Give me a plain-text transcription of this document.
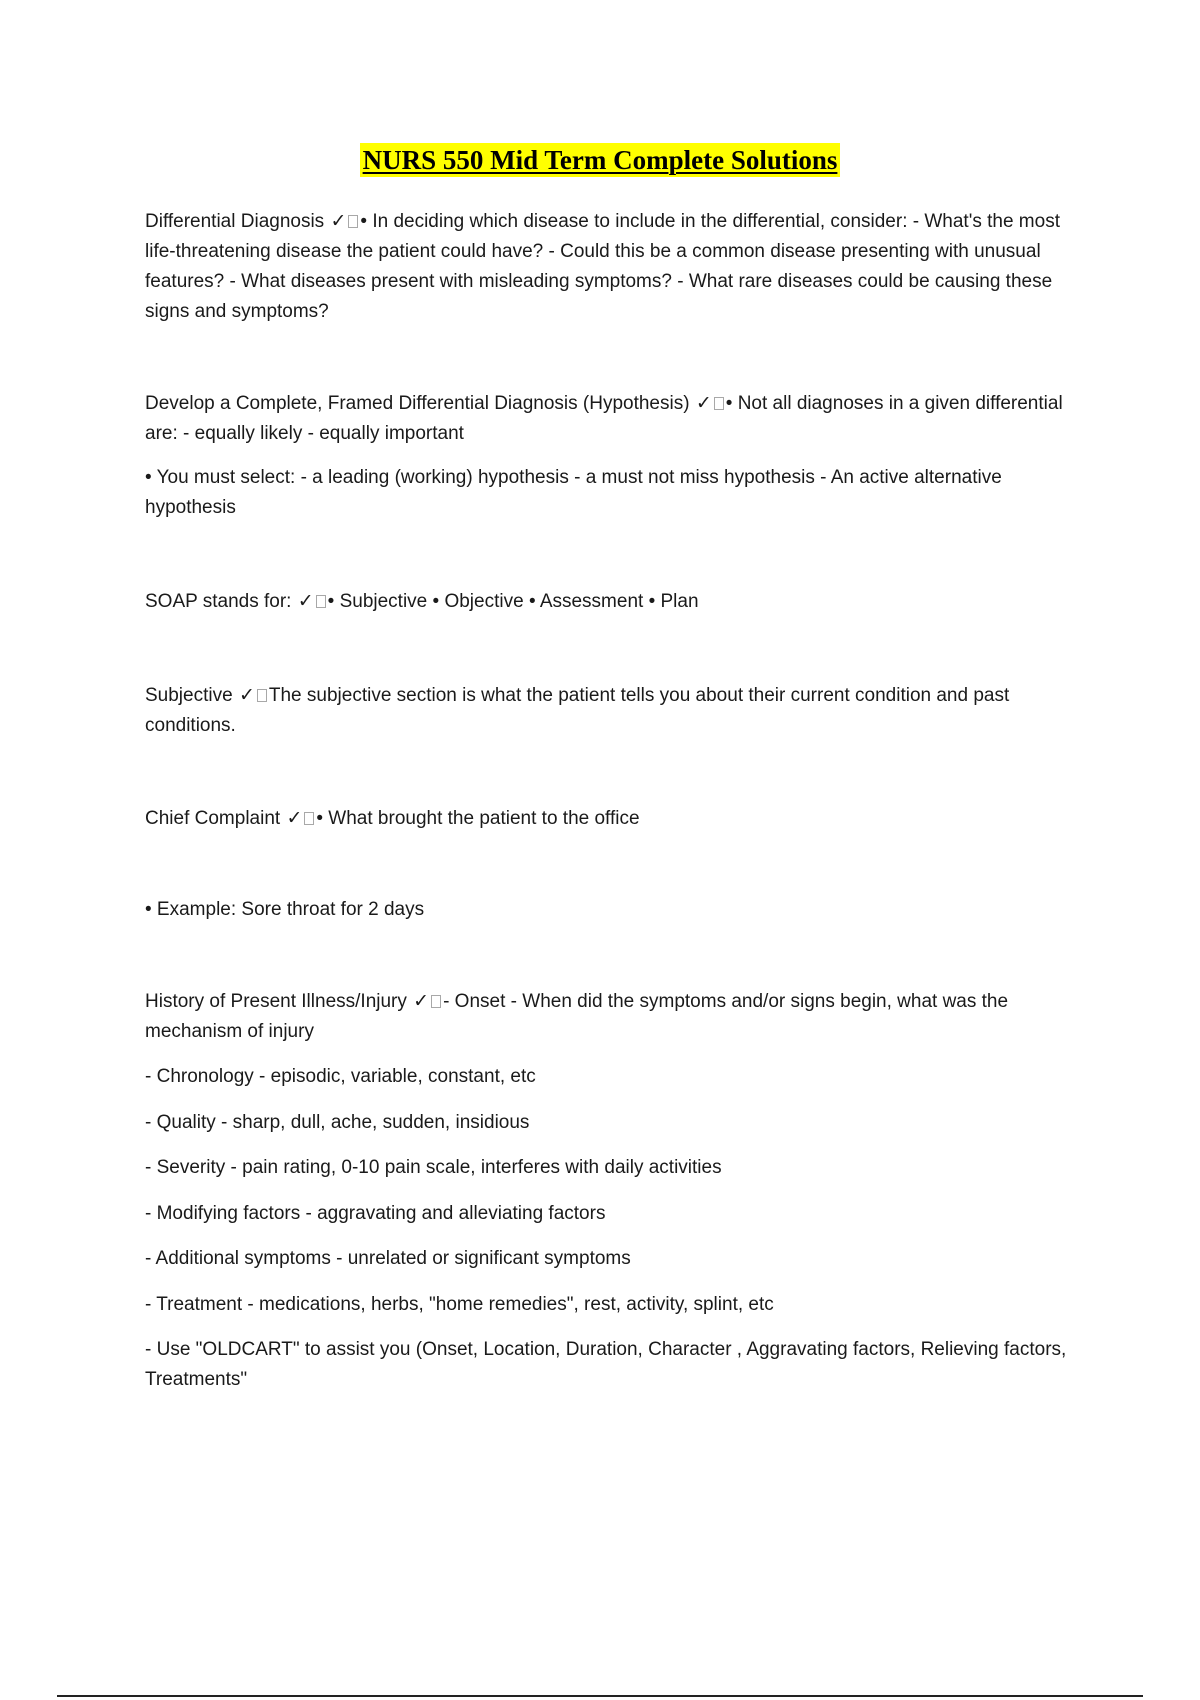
NURS 550 Mid Term Complete Solutions

Differential Diagnosis ✓ • In deciding which disease to include in the differential, consider: - What's the most life-threatening disease the patient could have? - Could this be a common disease presenting with unusual features? - What diseases present with misleading symptoms? - What rare diseases could be causing these signs and symptoms?

Develop a Complete, Framed Differential Diagnosis (Hypothesis) ✓ • Not all diagnoses in a given differential are: - equally likely - equally important

• You must select: - a leading (working) hypothesis - a must not miss hypothesis - An active alternative hypothesis

SOAP stands for: ✓ • Subjective • Objective • Assessment • Plan

Subjective ✓ The subjective section is what the patient tells you about their current condition and past conditions.

Chief Complaint ✓ • What brought the patient to the office

• Example: Sore throat for 2 days

History of Present Illness/Injury ✓ - Onset - When did the symptoms and/or signs begin, what was the mechanism of injury

- Chronology - episodic, variable, constant, etc

- Quality - sharp, dull, ache, sudden, insidious

- Severity - pain rating, 0-10 pain scale, interferes with daily activities

- Modifying factors - aggravating and alleviating factors

- Additional symptoms - unrelated or significant symptoms

- Treatment - medications, herbs, "home remedies", rest, activity, splint, etc

- Use "OLDCART" to assist you (Onset, Location, Duration, Character , Aggravating factors, Relieving factors, Treatments"
